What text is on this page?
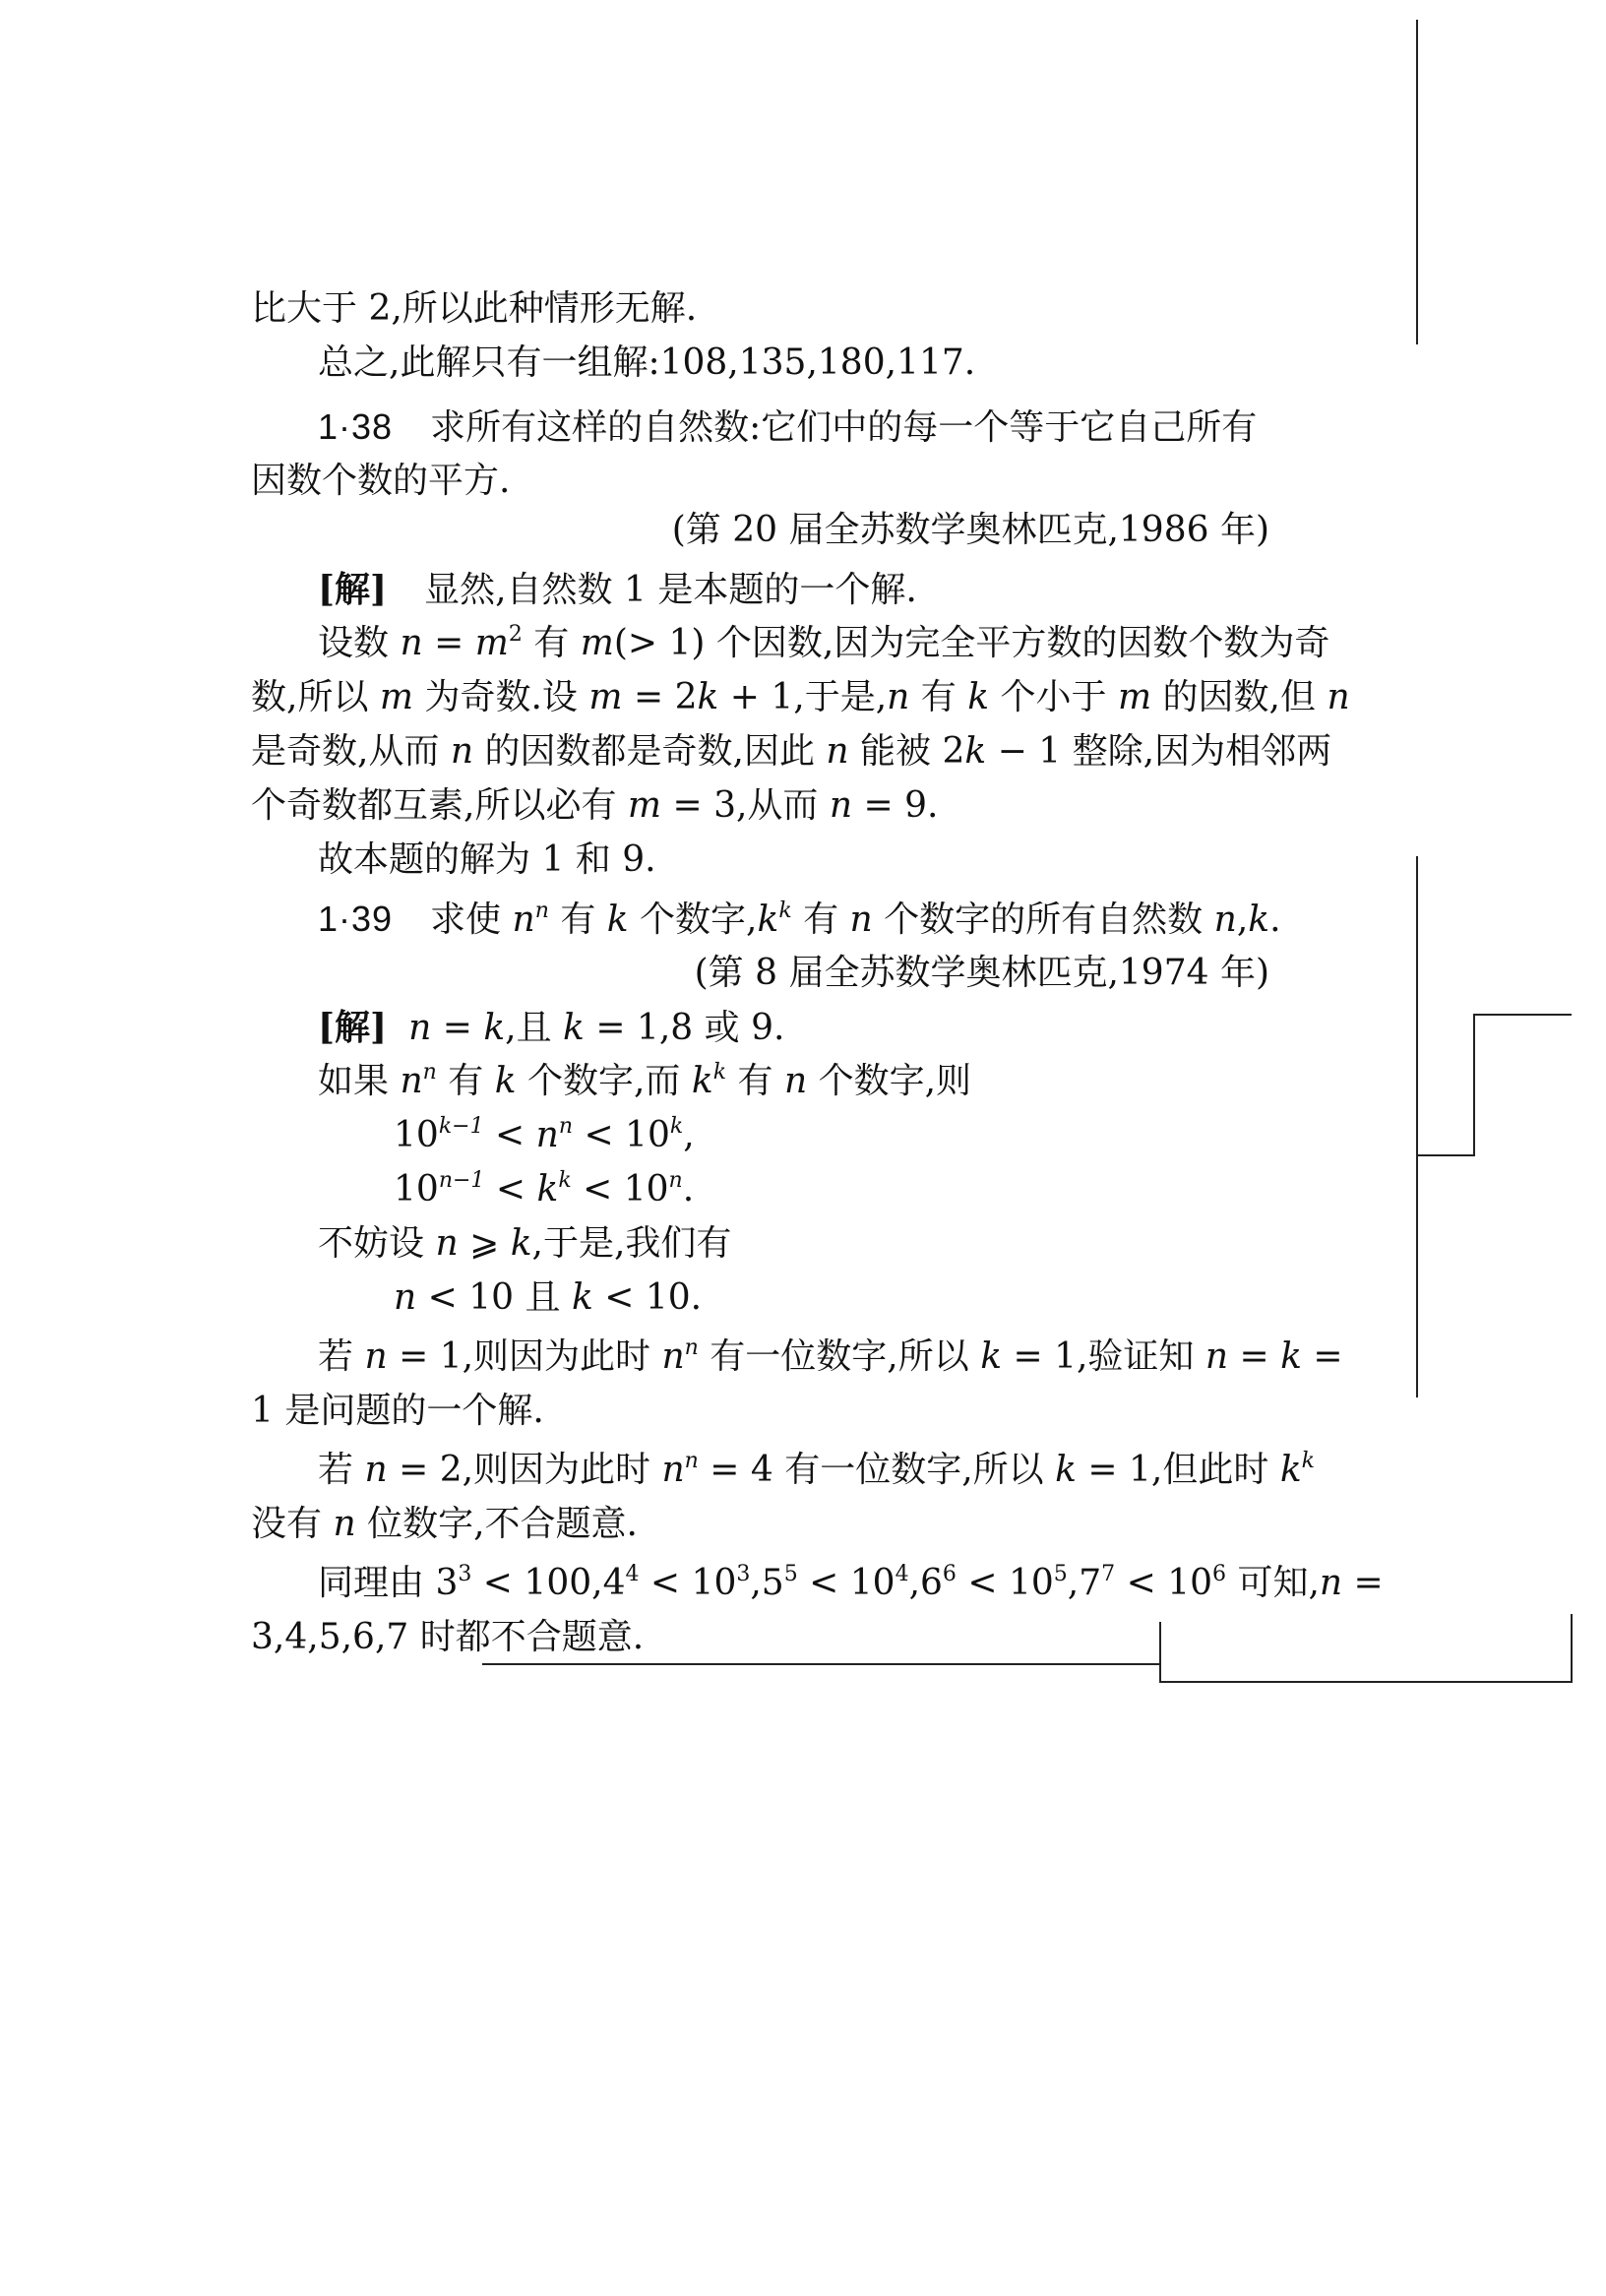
比大于 2,所以此种情形无解.
总之,此解只有一组解:108,135,180,117.
1·38 求所有这样的自然数:它们中的每一个等于它自己所有
因数个数的平方.
(第 20 届全苏数学奥林匹克,1986 年)
[解] 显然,自然数 1 是本题的一个解.
设数 $n = m^2$ 有 m(> 1) 个因数,因为完全平方数的因数个数为奇
数,所以 m 为奇数.设 m = 2k + 1,于是,n 有 k 个小于 m 的因数,但 n
是奇数,从而 n 的因数都是奇数,因此 n 能被 2k − 1 整除,因为相邻两
个奇数都互素,所以必有 m = 3,从而 n = 9.
故本题的解为 1 和 9.
1·39 求使 $n^n$ 有 k 个数字$,k^k$ 有 n 个数字的所有自然数 n,k.
(第 8 届全苏数学奥林匹克,1974 年)
[解] n = k,且 k = 1,8 或 9.
如果 $n^n$ 有 k 个数字,而 $k^k$ 有 n 个数字,则
$10^{k-1} < n^n < 10^k$,
$10^{n-1} < k^k < 10^n$.
不妨设 n ⩾ k,于是,我们有
n < 10 且 k < 10.
若 n = 1,则因为此时 $n^n$ 有一位数字,所以 k = 1,验证知 n = k =
1 是问题的一个解.
若 n = 2,则因为此时 $n^n = 4$ 有一位数字,所以 k = 1,但此时 $k^k$
没有 n 位数字,不合题意.
同理由 $3^3 < 100,4^4 < 10^3,5^5 < 10^4,6^6 < 10^5,7^7 < 10^6$ 可知,n =
3,4,5,6,7 时都不合题意.
